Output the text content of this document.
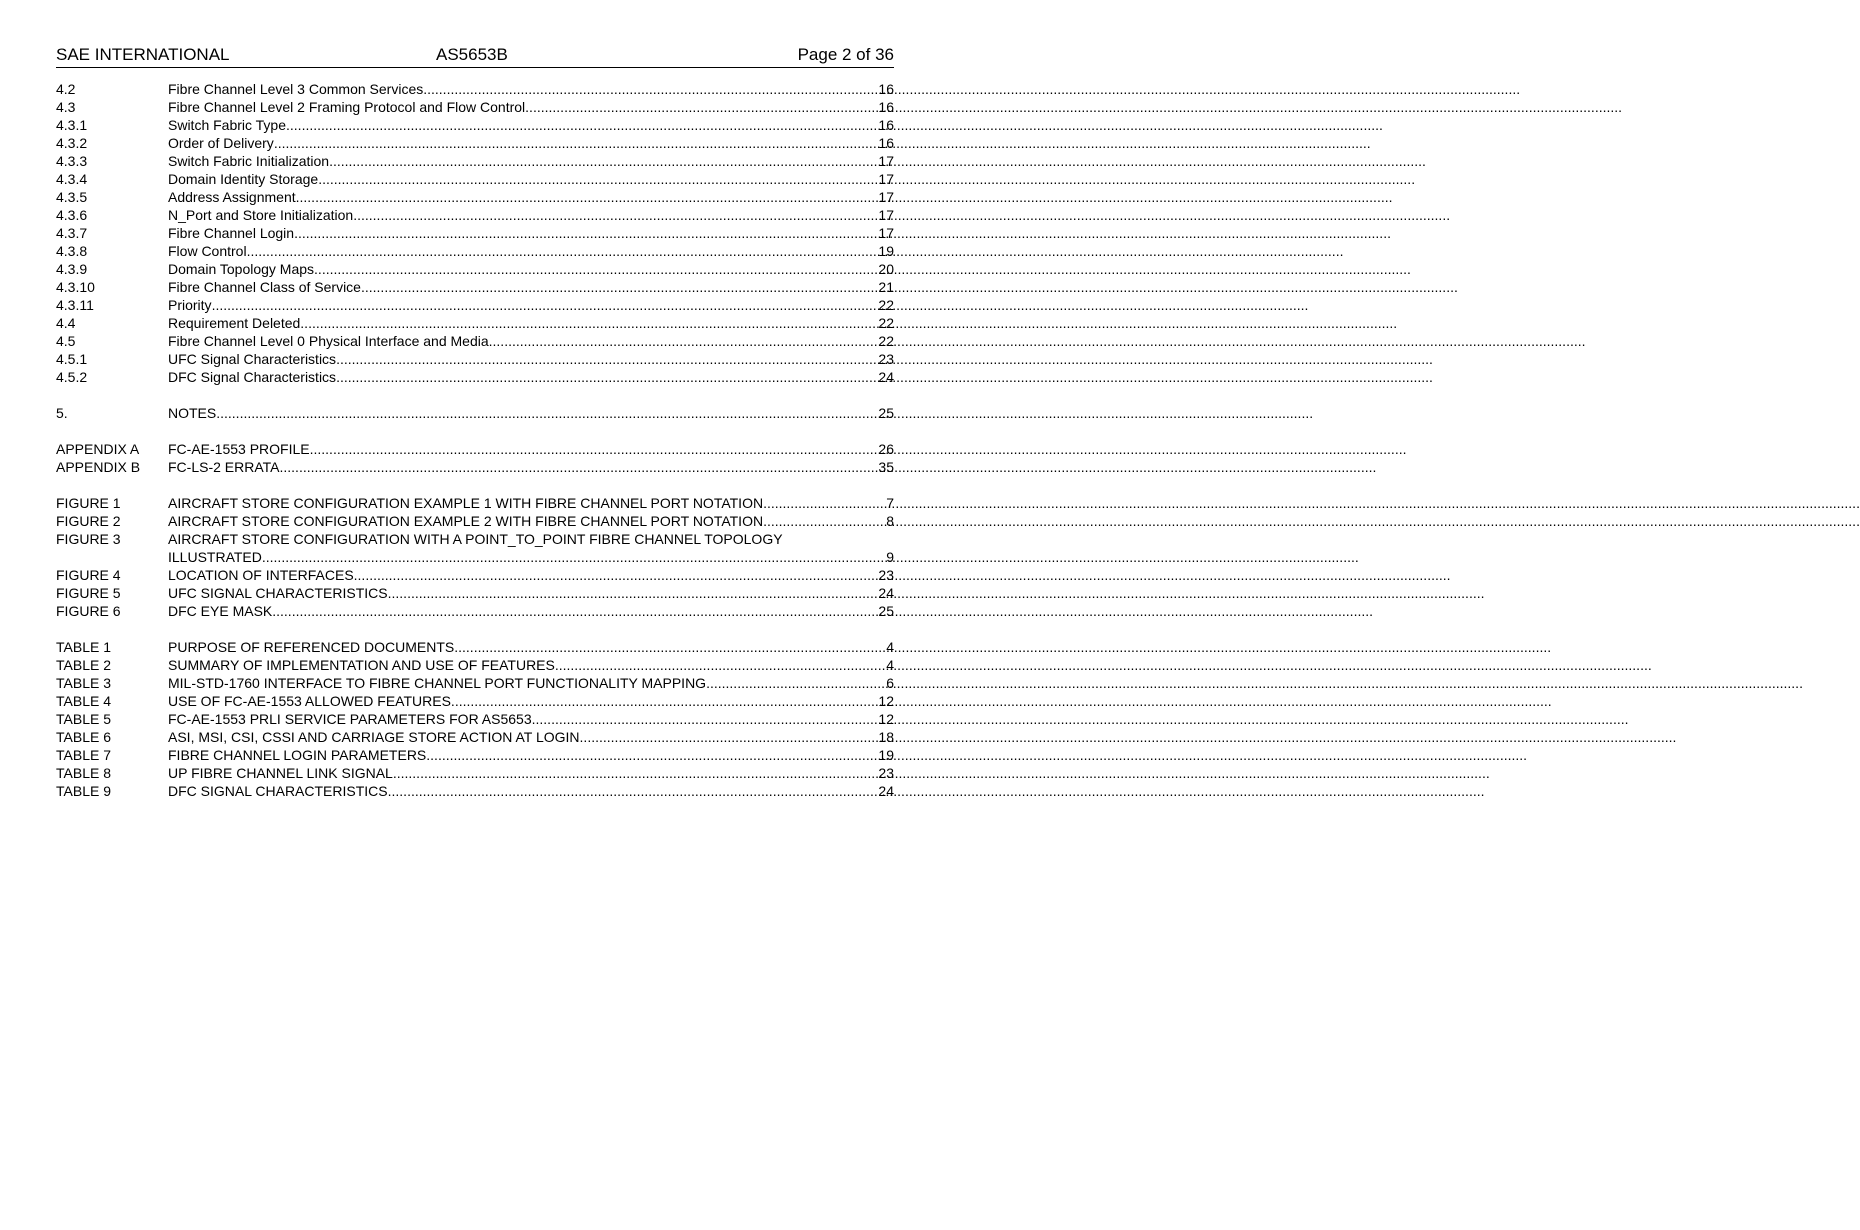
SAE INTERNATIONAL	AS5653B	Page 2 of 36
4.2	Fibre Channel Level 3 Common Services .....	16
4.3	Fibre Channel Level 2 Framing Protocol and Flow Control .....	16
4.3.1	Switch Fabric Type .....	16
4.3.2	Order of Delivery .....	16
4.3.3	Switch Fabric Initialization .....	17
4.3.4	Domain Identity Storage .....	17
4.3.5	Address Assignment .....	17
4.3.6	N_Port and Store Initialization .....	17
4.3.7	Fibre Channel Login .....	17
4.3.8	Flow Control .....	19
4.3.9	Domain Topology Maps .....	20
4.3.10	Fibre Channel Class of Service .....	21
4.3.11	Priority .....	22
4.4	Requirement Deleted .....	22
4.5	Fibre Channel Level 0 Physical Interface and Media .....	22
4.5.1	UFC Signal Characteristics .....	23
4.5.2	DFC Signal Characteristics .....	24
5.	NOTES .....	25
APPENDIX A	FC-AE-1553 PROFILE .....	26
APPENDIX B	FC-LS-2 ERRATA .....	35
FIGURE 1	AIRCRAFT STORE CONFIGURATION EXAMPLE 1 WITH FIBRE CHANNEL PORT NOTATION .....	7
FIGURE 2	AIRCRAFT STORE CONFIGURATION EXAMPLE 2 WITH FIBRE CHANNEL PORT NOTATION .....	8
FIGURE 3	AIRCRAFT STORE CONFIGURATION WITH A POINT_TO_POINT FIBRE CHANNEL TOPOLOGY
ILLUSTRATED .....	9
FIGURE 4	LOCATION OF INTERFACES .....	23
FIGURE 5	UFC SIGNAL CHARACTERISTICS .....	24
FIGURE 6	DFC EYE MASK. .....	25
TABLE 1	PURPOSE OF REFERENCED DOCUMENTS .....	4
TABLE 2	SUMMARY OF IMPLEMENTATION AND USE OF FEATURES .....	4
TABLE 3	MIL-STD-1760 INTERFACE TO FIBRE CHANNEL PORT FUNCTIONALITY MAPPING .....	6
TABLE 4	USE OF FC-AE-1553 ALLOWED FEATURES. .....	12
TABLE 5	FC-AE-1553 PRLI SERVICE PARAMETERS FOR AS5653 .....	12
TABLE 6	ASI, MSI, CSI, CSSI AND CARRIAGE STORE ACTION AT LOGIN .....	18
TABLE 7	FIBRE CHANNEL LOGIN PARAMETERS. .....	19
TABLE 8	UP FIBRE CHANNEL LINK SIGNAL .....	23
TABLE 9	DFC SIGNAL CHARACTERISTICS .....	24
